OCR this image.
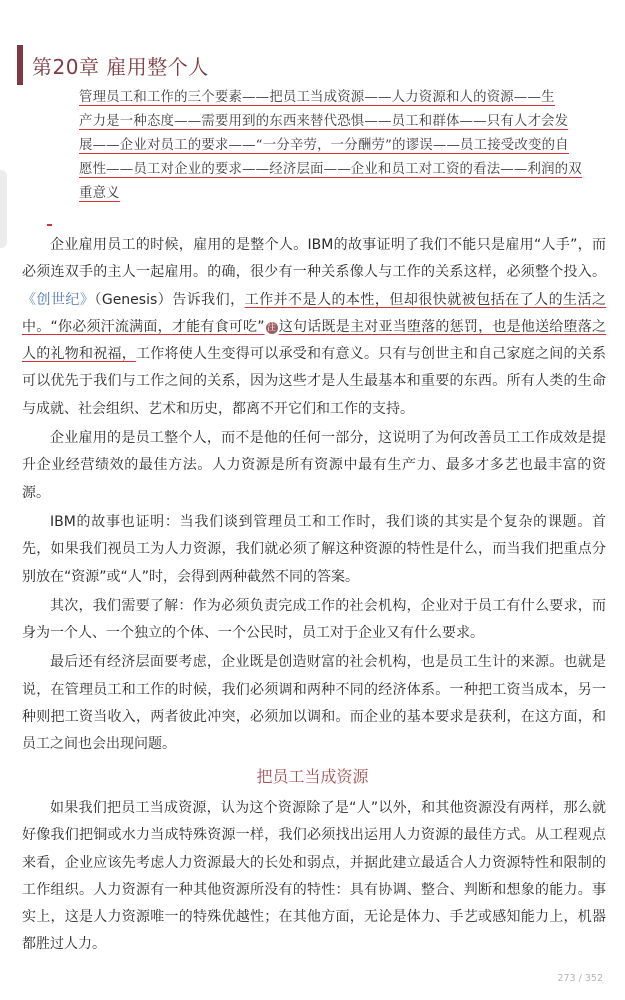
第20章 雇用整个人
管理员工和工作的三个要素——把员工当成资源——人力资源和人的资源——生
产力是一种态度——需要用到的东西来替代恐惧——员工和群体——只有人才会发
展——企业对员工的要求——“一分辛劳，一分酬劳”的谬误——员工接受改变的自
愿性——员工对企业的要求——经济层面——企业和员工对工资的看法——利润的双
重意义

企业雇用员工的时候，雇用的是整个人。IBM的故事证明了我们不能只是雇用“人手”，而必须连双手的主人一起雇用。的确，很少有一种关系像人与工作的关系这样，必须整个投入。《创世纪》（Genesis）告诉我们，工作并不是人的本性，但却很快就被包括在了人的生活之中。“你必须汗流满面，才能有食可吃” 注 这句话既是主对亚当堕落的惩罚，也是他送给堕落之人的礼物和祝福，工作将使人生变得可以承受和有意义。只有与创世主和自己家庭之间的关系可以优先于我们与工作之间的关系，因为这些才是人生最基本和重要的东西。所有人类的生命与成就、社会组织、艺术和历史，都离不开它们和工作的支持。

企业雇用的是员工整个人，而不是他的任何一部分，这说明了为何改善员工工作成效是提升企业经营绩效的最佳方法。人力资源是所有资源中最有生产力、最多才多艺也最丰富的资源。

IBM的故事也证明：当我们谈到管理员工和工作时，我们谈的其实是个复杂的课题。首先，如果我们视员工为人力资源，我们就必须了解这种资源的特性是什么，而当我们把重点分别放在“资源”或“人”时，会得到两种截然不同的答案。

其次，我们需要了解：作为必须负责完成工作的社会机构，企业对于员工有什么要求，而身为一个人、一个独立的个体、一个公民时，员工对于企业又有什么要求。

最后还有经济层面要考虑，企业既是创造财富的社会机构，也是员工生计的来源。也就是说，在管理员工和工作的时候，我们必须调和两种不同的经济体系。一种把工资当成本，另一种则把工资当收入，两者彼此冲突，必须加以调和。而企业的基本要求是获利，在这方面，和员工之间也会出现问题。

把员工当成资源

如果我们把员工当成资源，认为这个资源除了是“人”以外，和其他资源没有两样，那么就好像我们把铜或水力当成特殊资源一样，我们必须找出运用人力资源的最佳方式。从工程观点来看，企业应该先考虑人力资源最大的长处和弱点，并据此建立最适合人力资源特性和限制的工作组织。人力资源有一种其他资源所没有的特性：具有协调、整合、判断和想象的能力。事实上，这是人力资源唯一的特殊优越性；在其他方面，无论是体力、手艺或感知能力上，机器都胜过人力。

273 / 352
